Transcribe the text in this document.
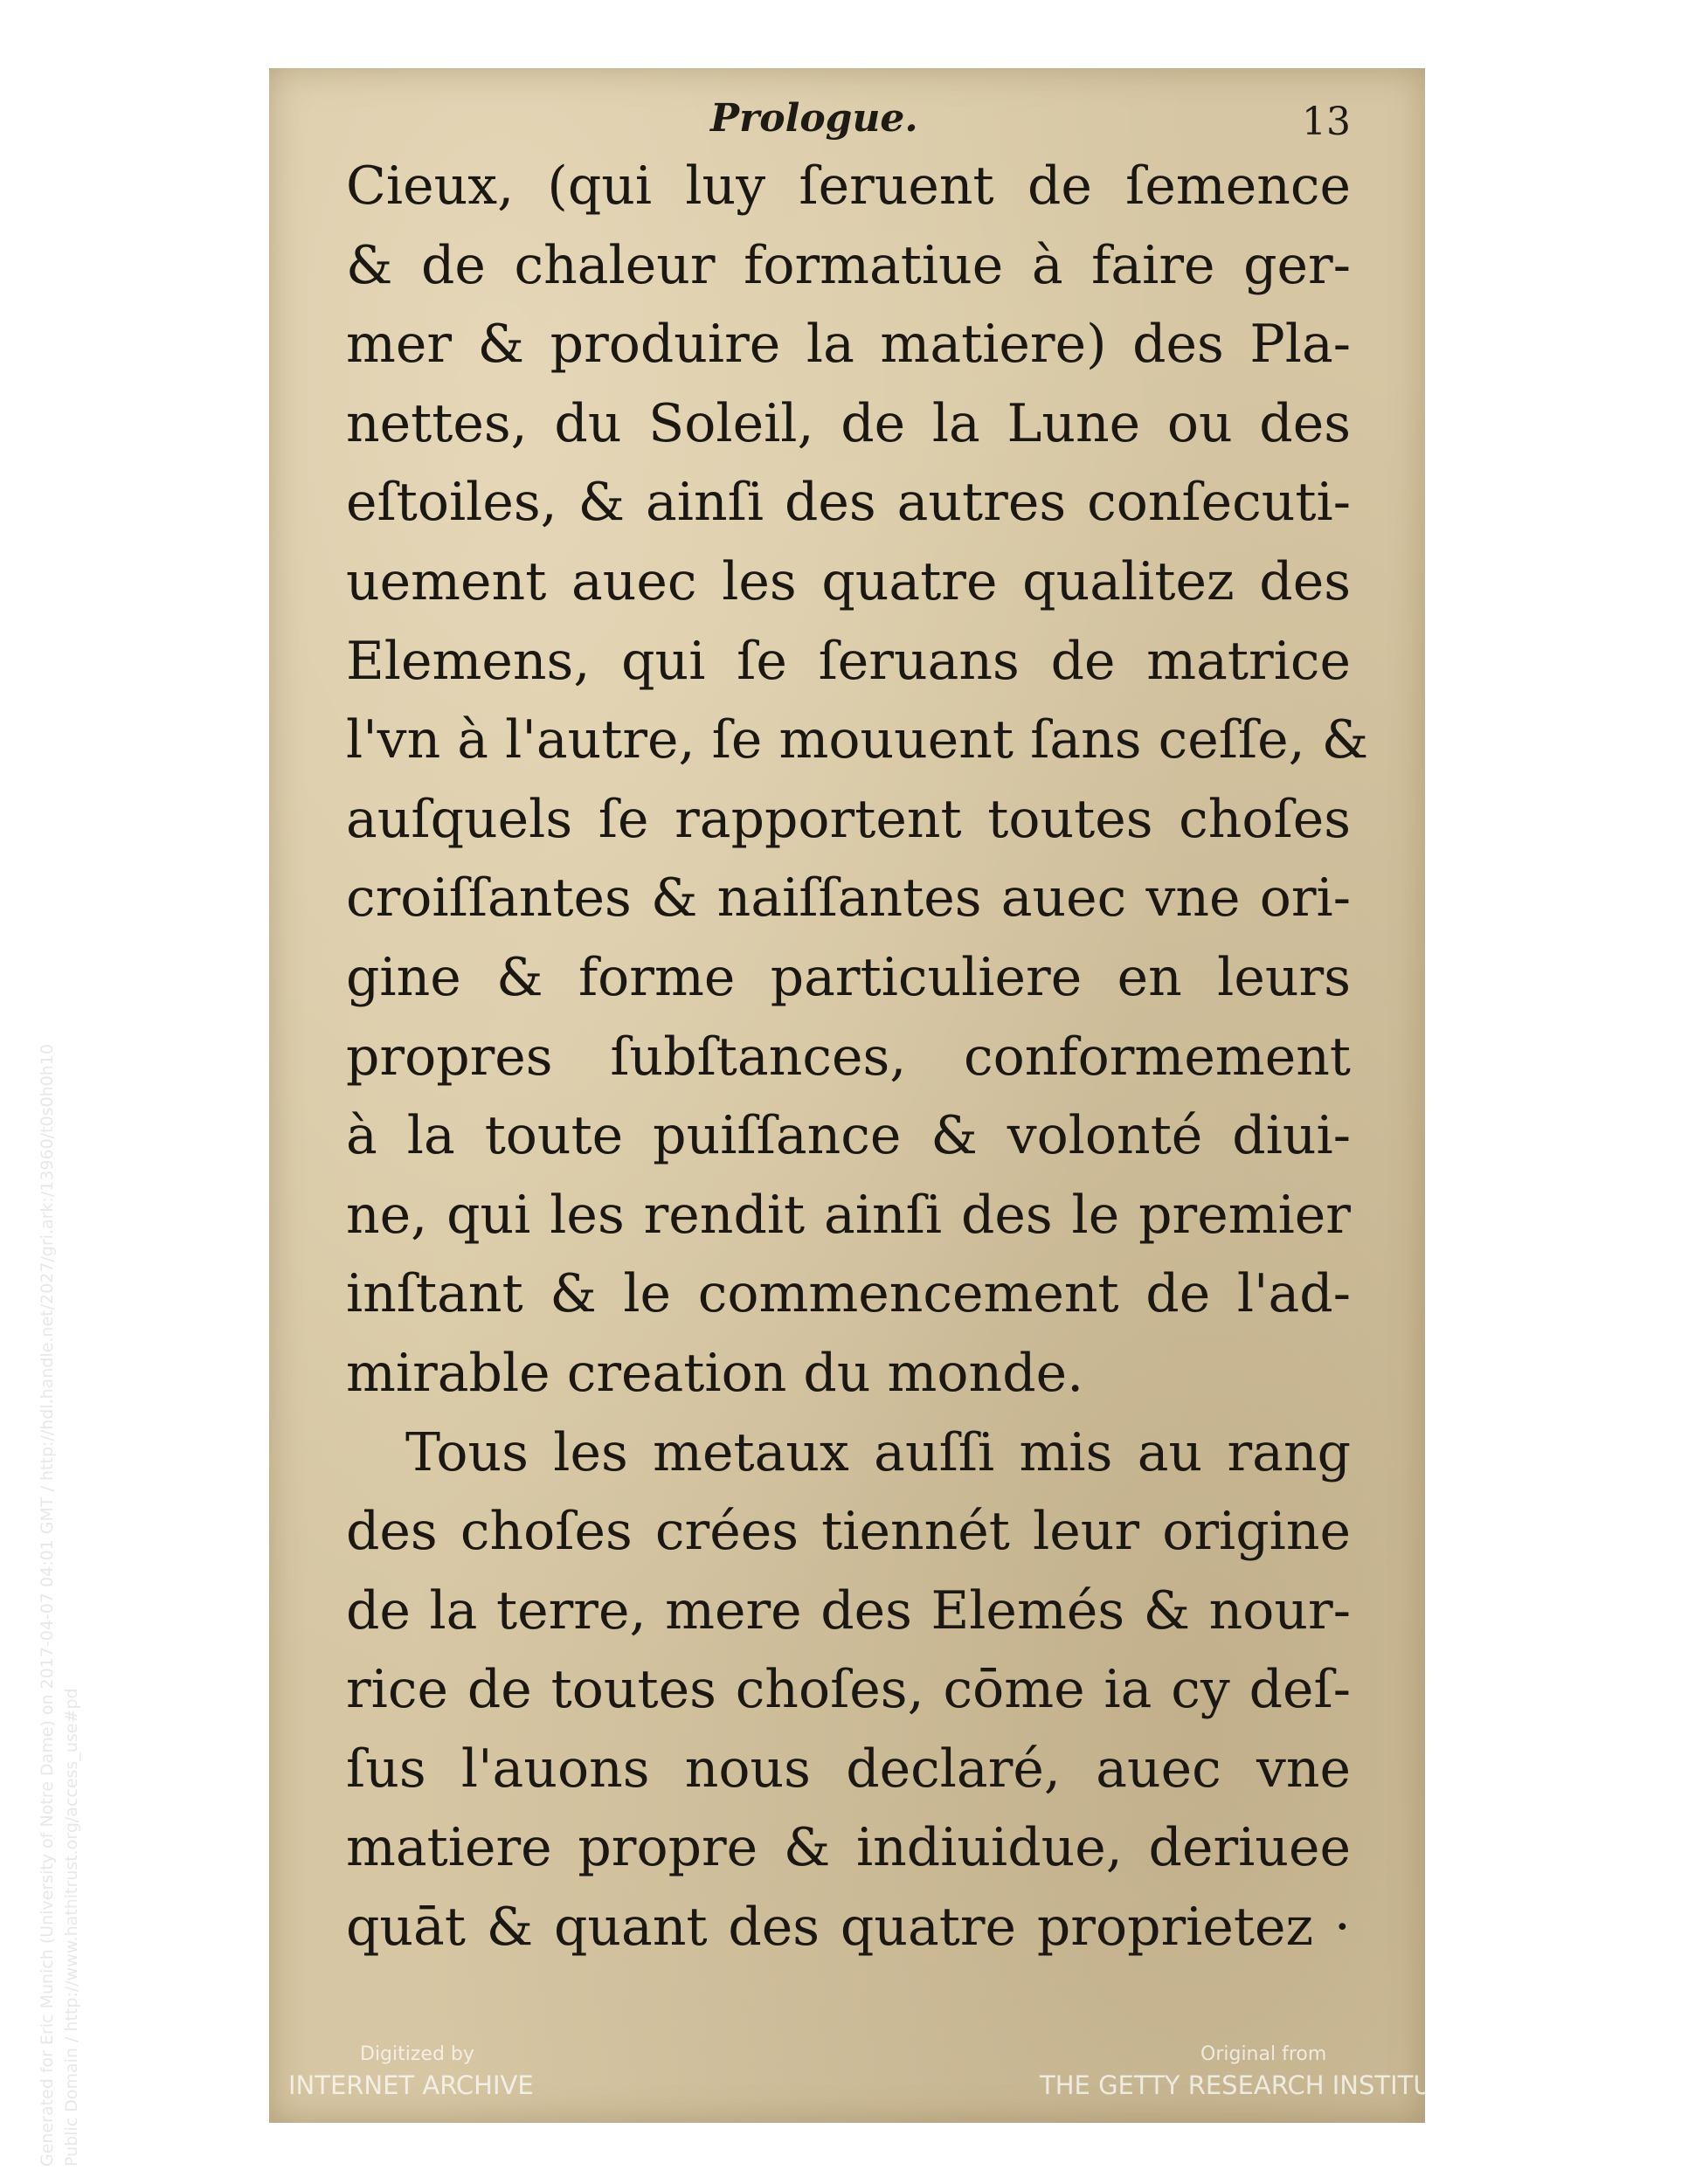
Prologue.	13
Cieux, (qui luy ſeruent de ſemence
& de chaleur formatiue à faire ger-
mer & produire la matiere) des Pla-
nettes, du Soleil, de la Lune ou des
eſtoiles, & ainſi des autres conſecuti-
uement auec les quatre qualitez des
Elemens, qui ſe ſeruans de matrice
l'vn à l'autre, ſe mouuent ſans ceſſe, &
auſquels ſe rapportent toutes choſes
croiſſantes & naiſſantes auec vne ori-
gine & forme particuliere en leurs
propres ſubſtances, conformement
à la toute puiſſance & volonté diui-
ne, qui les rendit ainſi des le premier
inſtant & le commencement de l'ad-
mirable creation du monde.
Tous les metaux auſſi mis au rang
des choſes crées tiennét leur origine
de la terre, mere des Elemés & nour-
rice de toutes choſes, cōme ia cy deſ-
ſus l'auons nous declaré, auec vne
matiere propre & indiuidue, deriuee
quāt & quant des quatre proprietez ·
Digitized by
INTERNET ARCHIVE
Original from
THE GETTY RESEARCH INSTITUTE
Generated for Eric Munich (University of Notre Dame) on 2017-04-07 04:01 GMT / http://hdl.handle.net/2027/gri.ark:/13960/t0s0h0h10 Public Domain / http://www.hathitrust.org/access_use#pd
